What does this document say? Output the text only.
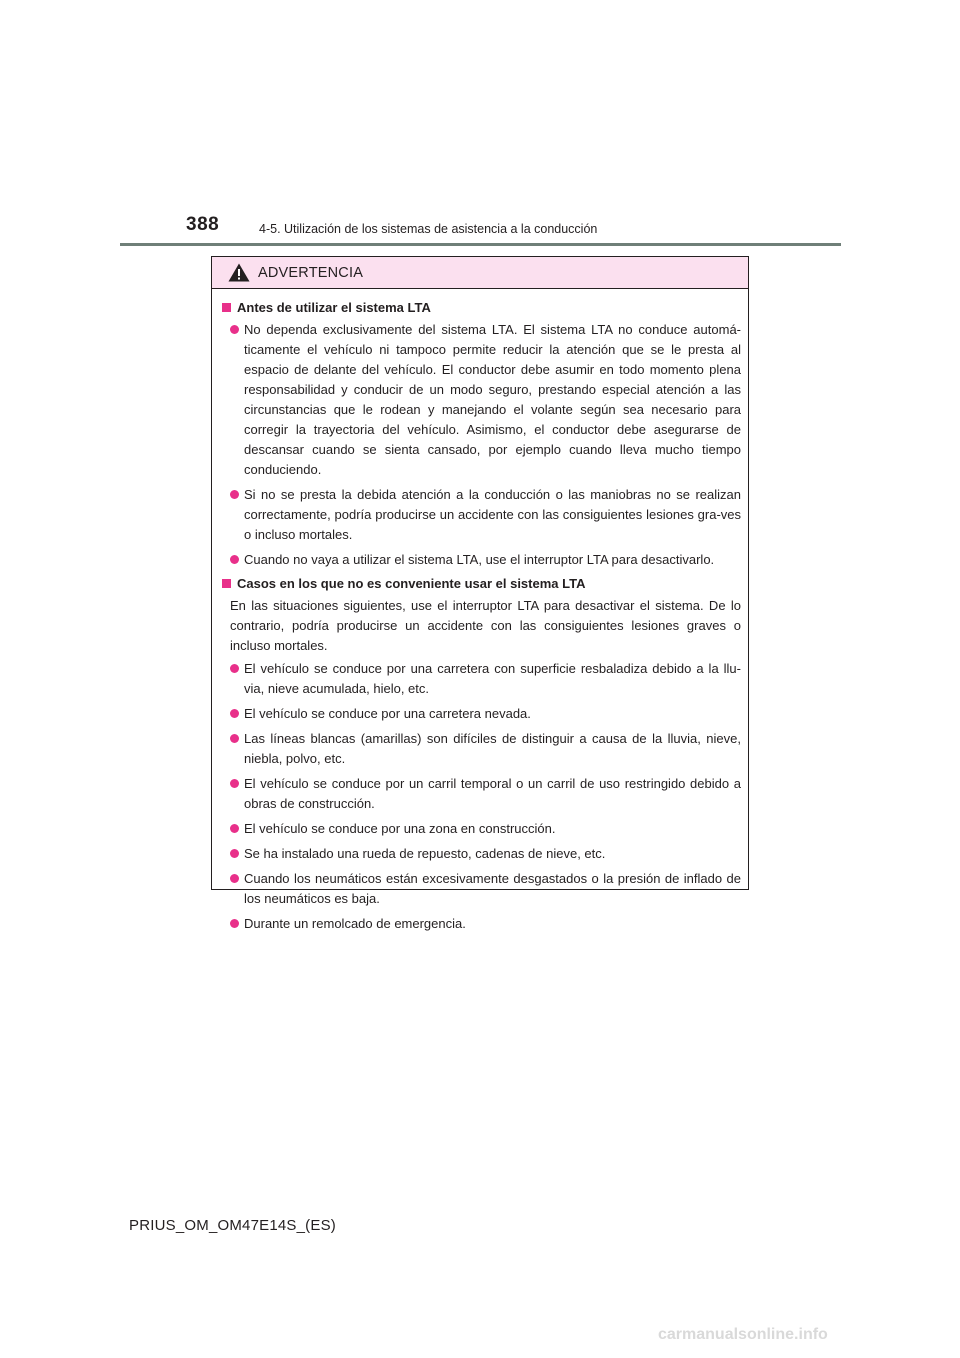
388	4-5. Utilización de los sistemas de asistencia a la conducción
ADVERTENCIA
Antes de utilizar el sistema LTA
No dependa exclusivamente del sistema LTA. El sistema LTA no conduce automá-ticamente el vehículo ni tampoco permite reducir la atención que se le presta al espacio de delante del vehículo. El conductor debe asumir en todo momento plena responsabilidad y conducir de un modo seguro, prestando especial atención a las circunstancias que le rodean y manejando el volante según sea necesario para corregir la trayectoria del vehículo. Asimismo, el conductor debe asegurarse de descansar cuando se sienta cansado, por ejemplo cuando lleva mucho tiempo conduciendo.
Si no se presta la debida atención a la conducción o las maniobras no se realizan correctamente, podría producirse un accidente con las consiguientes lesiones gra-ves o incluso mortales.
Cuando no vaya a utilizar el sistema LTA, use el interruptor LTA para desactivarlo.
Casos en los que no es conveniente usar el sistema LTA
En las situaciones siguientes, use el interruptor LTA para desactivar el sistema. De lo contrario, podría producirse un accidente con las consiguientes lesiones graves o incluso mortales.
El vehículo se conduce por una carretera con superficie resbaladiza debido a la llu-via, nieve acumulada, hielo, etc.
El vehículo se conduce por una carretera nevada.
Las líneas blancas (amarillas) son difíciles de distinguir a causa de la lluvia, nieve, niebla, polvo, etc.
El vehículo se conduce por un carril temporal o un carril de uso restringido debido a obras de construcción.
El vehículo se conduce por una zona en construcción.
Se ha instalado una rueda de repuesto, cadenas de nieve, etc.
Cuando los neumáticos están excesivamente desgastados o la presión de inflado de los neumáticos es baja.
Durante un remolcado de emergencia.
PRIUS_OM_OM47E14S_(ES)
carmanualsonline.info
